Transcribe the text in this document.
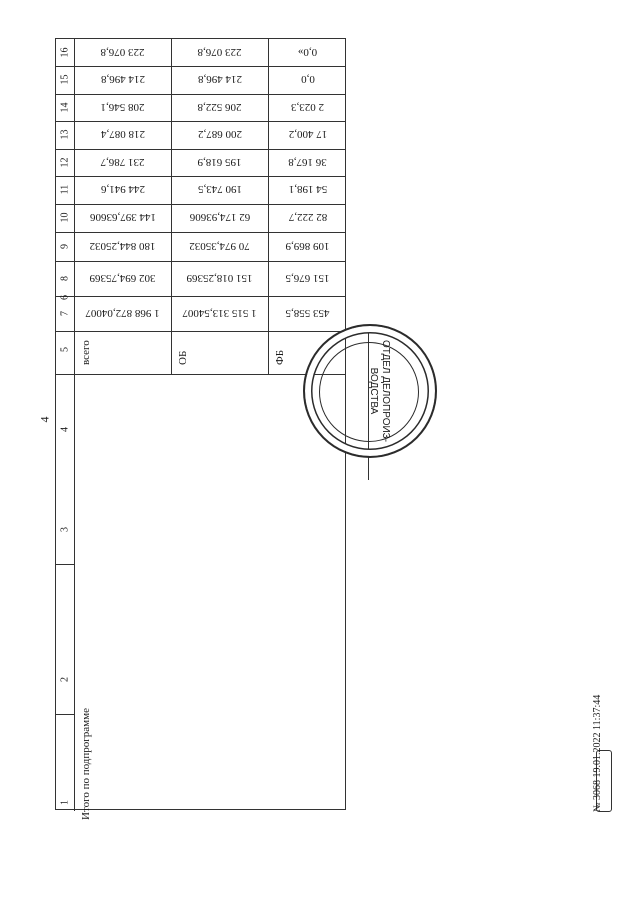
4
16
15
14
13
12
11
10
9
8
7
6
5
4
3
2
1
1 968 872,04007
302 694,75369
180 844,25032
144 397,63606
244 941,6
231 786,7
218 087,4
208 546,1
214 496,8
223 076,8
всего
1 515 313,54007
151 018,25369
70 974,35032
62 174,93606
190 743,5
195 618,9
200 687,2
206 522,8
214 496,8
223 076,8
ОБ
453 558,5
151 676,5
109 869,9
82 222,7
54 198,1
36 167,8
17 400,2
2 023,3
0,0
0,0»
ФБ
Итого по подпрограмме
ОТДЕЛ ДЕЛОПРОИЗ-ВОДСТВА
№ 3068 19.01.2022 11:37:44
